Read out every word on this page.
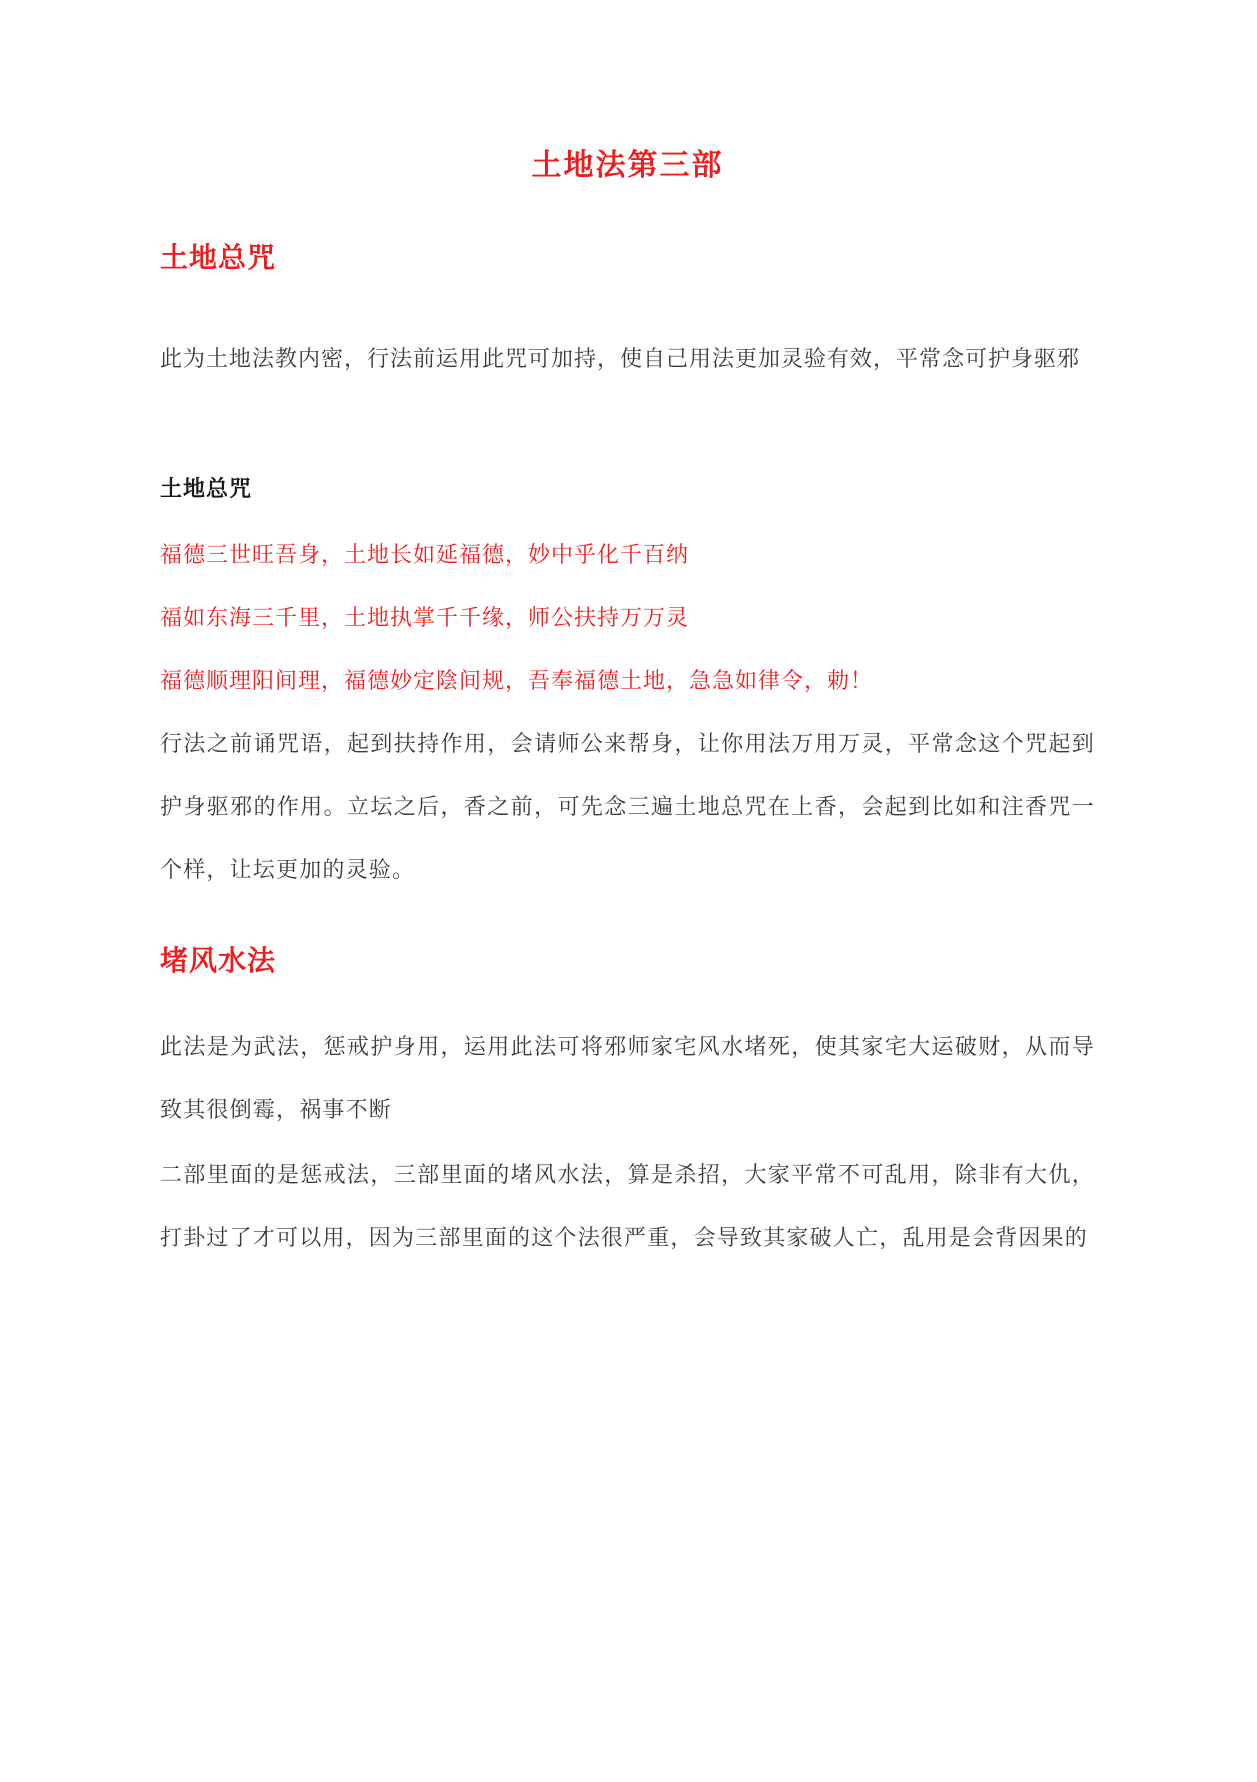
土地法第三部
土地总咒

此为土地法教内密，行法前运用此咒可加持，使自己用法更加灵验有效，平常念可护身驱邪

土地总咒

福德三世旺吾身，土地长如延福德，妙中乎化千百纳

福如东海三千里，土地执掌千千缘，师公扶持万万灵

福德顺理阳间理，福德妙定陰间规，吾奉福德土地，急急如律令，勅！

行法之前诵咒语，起到扶持作用，会请师公来帮身，让你用法万用万灵，平常念这个咒起到护身驱邪的作用。立坛之后，香之前，可先念三遍土地总咒在上香，会起到比如和注香咒一个样，让坛更加的灵验。

堵风水法

此法是为武法，惩戒护身用，运用此法可将邪师家宅风水堵死，使其家宅大运破财，从而导致其很倒霉，祸事不断

二部里面的是惩戒法，三部里面的堵风水法，算是杀招，大家平常不可乱用，除非有大仇，打卦过了才可以用，因为三部里面的这个法很严重，会导致其家破人亡，乱用是会背因果的
